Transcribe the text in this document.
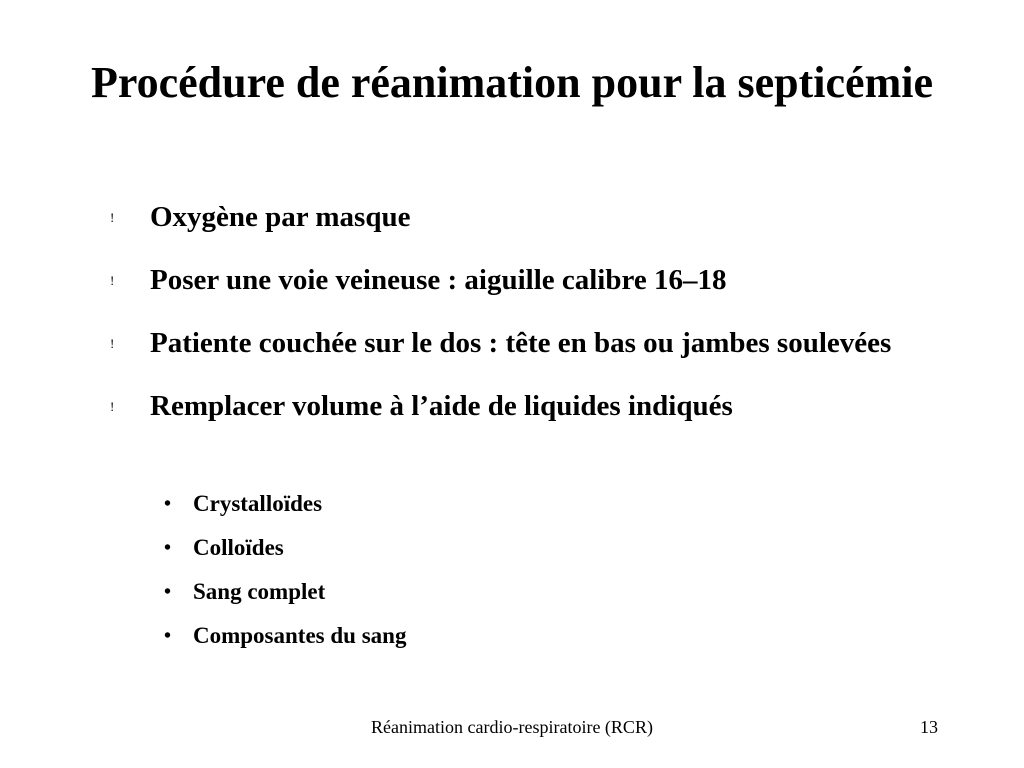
Procédure de réanimation pour la septicémie
! Oxygène par masque
! Poser une voie veineuse : aiguille calibre 16–18
! Patiente couchée sur le dos : tête en bas ou jambes soulevées
! Remplacer volume à l’aide de liquides indiqués
• Crystalloïdes
• Colloïdes
• Sang complet
• Composantes du sang
Réanimation cardio-respiratoire (RCR)	13
